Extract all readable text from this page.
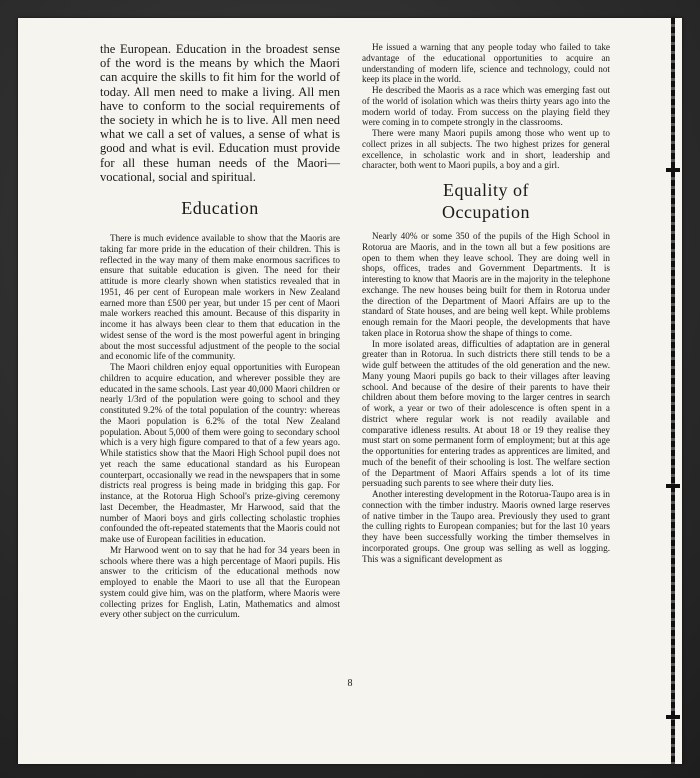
8

the European. Education in the broadest sense of the word is the means by which the Maori can acquire the skills to fit him for the world of today. All men need to make a living. All men have to conform to the social requirements of the society in which he is to live. All men need what we call a set of values, a sense of what is good and what is evil. Education must provide for all these human needs of the Maori—vocational, social and spiritual.

Education

There is much evidence available to show that the Maoris are taking far more pride in the education of their children. This is reflected in the way many of them make enormous sacrifices to ensure that suitable education is given. The need for their attitude is more clearly shown when statistics revealed that in 1951, 46 per cent of European male workers in New Zealand earned more than £500 per year, but under 15 per cent of Maori male workers reached this amount. Because of this disparity in income it has always been clear to them that education in the widest sense of the word is the most powerful agent in bringing about the most successful adjustment of the people to the social and economic life of the community.

The Maori children enjoy equal opportunities with European children to acquire education, and wherever possible they are educated in the same schools. Last year 40,000 Maori children or nearly 1/3rd of the population were going to school and they constituted 9.2% of the total population of the country: whereas the Maori population is 6.2% of the total New Zealand population. About 5,000 of them were going to secondary school which is a very high figure compared to that of a few years ago. While statistics show that the Maori High School pupil does not yet reach the same educational standard as his European counterpart, occasionally we read in the newspapers that in some districts real progress is being made in bridging this gap. For instance, at the Rotorua High School's prize-giving ceremony last December, the Headmaster, Mr Harwood, said that the number of Maori boys and girls collecting scholastic trophies confounded the oft-repeated statements that the Maoris could not make use of European facilities in education.

Mr Harwood went on to say that he had for 34 years been in schools where there was a high percentage of Maori pupils. His answer to the criticism of the educational methods now employed to enable the Maori to use all that the European system could give him, was on the platform, where Maoris were collecting prizes for English, Latin, Mathematics and almost every other subject on the curriculum.

He issued a warning that any people today who failed to take advantage of the educational opportunities to acquire an understanding of modern life, science and technology, could not keep its place in the world.

He described the Maoris as a race which was emerging fast out of the world of isolation which was theirs thirty years ago into the modern world of today. From success on the playing field they were coming in to compete strongly in the classrooms.

There were many Maori pupils among those who went up to collect prizes in all subjects. The two highest prizes for general excellence, in scholastic work and in short, leadership and character, both went to Maori pupils, a boy and a girl.

Equality of
Occupation

Nearly 40% or some 350 of the pupils of the High School in Rotorua are Maoris, and in the town all but a few positions are open to them when they leave school. They are doing well in shops, offices, trades and Government Departments. It is interesting to know that Maoris are in the majority in the telephone exchange. The new houses being built for them in Rotorua under the direction of the Department of Maori Affairs are up to the standard of State houses, and are being well kept. While problems enough remain for the Maori people, the developments that have taken place in Rotorua show the shape of things to come.

In more isolated areas, difficulties of adaptation are in general greater than in Rotorua. In such districts there still tends to be a wide gulf between the attitudes of the old generation and the new. Many young Maori pupils go back to their villages after leaving school. And because of the desire of their parents to have their children about them before moving to the larger centres in search of work, a year or two of their adolescence is often spent in a district where regular work is not readily available and comparative idleness results. At about 18 or 19 they realise they must start on some permanent form of employment; but at this age the opportunities for entering trades as apprentices are limited, and much of the benefit of their schooling is lost. The welfare section of the Department of Maori Affairs spends a lot of its time persuading such parents to see where their duty lies.

Another interesting development in the Rotorua-Taupo area is in connection with the timber industry. Maoris owned large reserves of native timber in the Taupo area. Previously they used to grant the culling rights to European companies; but for the last 10 years they have been successfully working the timber themselves in incorporated groups. One group was selling as well as logging. This was a significant development as
